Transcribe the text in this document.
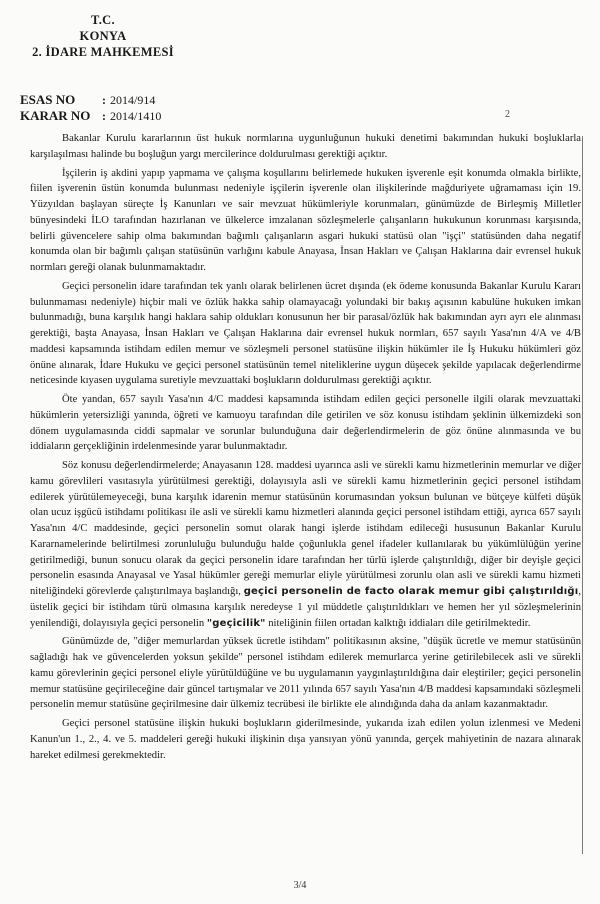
T.C.
KONYA
2. İDARE MAHKEMESİ
ESAS NO	: 2014/914
KARAR NO : 2014/1410	2

Bakanlar Kurulu kararlarının üst hukuk normlarına uygunluğunun hukuki denetimi bakımından hukuki boşluklarla karşılaşılması halinde bu boşluğun yargı mercilerince doldurulması gerektiği açıktır.

İşçilerin iş akdini yapıp yapmama ve çalışma koşullarını belirlemede hukuken işverenle eşit konumda olmakla birlikte, fiilen işverenin üstün konumda bulunması nedeniyle işçilerin işverenle olan ilişkilerinde mağduriyete uğramaması için 19. Yüzyıldan başlayan süreçte İş Kanunları ve sair mevzuat hükümleriyle korunmaları, günümüzde de Birleşmiş Milletler bünyesindeki İLO tarafından hazırlanan ve ülkelerce imzalanan sözleşmelerle çalışanların hukukunun korunması karşısında, belirli güvencelere sahip olma bakımından bağımlı çalışanların asgari hukuki statüsü olan "işçi" statüsünden daha negatif konumda olan bir bağımlı çalışan statüsünün varlığını kabule Anayasa, İnsan Hakları ve Çalışan Haklarına dair evrensel hukuk normları gereği olanak bulunmamaktadır.

Geçici personelin idare tarafından tek yanlı olarak belirlenen ücret dışında (ek ödeme konusunda Bakanlar Kurulu Kararı bulunmaması nedeniyle) hiçbir mali ve özlük hakka sahip olamayacağı yolundaki bir bakış açısının kabulüne hukuken imkan bulunmadığı, buna karşılık hangi haklara sahip oldukları konusunun her bir parasal/özlük hak bakımından ayrı ayrı ele alınması gerektiği, başta Anayasa, İnsan Hakları ve Çalışan Haklarına dair evrensel hukuk normları, 657 sayılı Yasa'nın 4/A ve 4/B maddesi kapsamında istihdam edilen memur ve sözleşmeli personel statüsüne ilişkin hükümler ile İş Hukuku hükümleri göz önüne alınarak, İdare Hukuku ve geçici personel statüsünün temel niteliklerine uygun düşecek şekilde yapılacak değerlendirme neticesinde kıyasen uygulama suretiyle mevzuattaki boşlukların doldurulması gerektiği açıktır.

Öte yandan, 657 sayılı Yasa'nın 4/C maddesi kapsamında istihdam edilen geçici personelle ilgili olarak mevzuattaki hükümlerin yetersizliği yanında, öğreti ve kamuoyu tarafından dile getirilen ve söz konusu istihdam şeklinin ülkemizdeki son dönem uygulamasında ciddi sapmalar ve sorunlar bulunduğuna dair değerlendirmelerin de göz önüne alınmasında ve bu iddiaların gerçekliğinin irdelenmesinde yarar bulunmaktadır.

Söz konusu değerlendirmelerde; Anayasanın 128. maddesi uyarınca asli ve sürekli kamu hizmetlerinin memurlar ve diğer kamu görevlileri vasıtasıyla yürütülmesi gerektiği, dolayısıyla asli ve sürekli kamu hizmetlerinin geçici personel istihdam edilerek yürütülemeyeceği, buna karşılık idarenin memur statüsünün korumasından yoksun bulunan ve bütçeye külfeti düşük olan ucuz işgücü istihdamı politikası ile asli ve sürekli kamu hizmetleri alanında geçici personel istihdam ettiği, ayrıca 657 sayılı Yasa'nın 4/C maddesinde, geçici personelin somut olarak hangi işlerde istihdam edileceği hususunun Bakanlar Kurulu Kararnamelerinde belirtilmesi zorunluluğu bulunduğu halde çoğunlukla genel ifadeler kullanılarak bu yükümlülüğün yerine getirilmediği, bunun sonucu olarak da geçici personelin idare tarafından her türlü işlerde çalıştırıldığı, diğer bir deyişle geçici personelin esasında Anayasal ve Yasal hükümler gereği memurlar eliyle yürütülmesi zorunlu olan asli ve sürekli kamu hizmeti niteliğindeki görevlerde çalıştırılmaya başlandığı, geçici personelin de facto olarak memur gibi çalıştırıldığı, üstelik geçici bir istihdam türü olmasına karşılık neredeyse 1 yıl müddetle çalıştırıldıkları ve hemen her yıl sözleşmelerinin yenilendiği, dolayısıyla geçici personelin "geçicilik" niteliğinin fiilen ortadan kalktığı iddiaları dile getirilmektedir.

Günümüzde de, "diğer memurlardan yüksek ücretle istihdam" politikasının aksine, "düşük ücretle ve memur statüsünün sağladığı hak ve güvencelerden yoksun şekilde" personel istihdam edilerek memurlarca yerine getirilebilecek asli ve sürekli kamu görevlerinin geçici personel eliyle yürütüldüğüne ve bu uygulamanın yaygınlaştırıldığına dair eleştiriler; geçici personelin memur statüsüne geçirileceğine dair güncel tartışmalar ve 2011 yılında 657 sayılı Yasa'nın 4/B maddesi kapsamındaki sözleşmeli personelin memur statüsüne geçirilmesine dair ülkemiz tecrübesi ile birlikte ele alındığında daha da anlam kazanmaktadır.

Geçici personel statüsüne ilişkin hukuki boşlukların giderilmesinde, yukarıda izah edilen yolun izlenmesi ve Medeni Kanun'un 1., 2., 4. ve 5. maddeleri gereği hukuki ilişkinin dışa yansıyan yönü yanında, gerçek mahiyetinin de nazara alınarak hareket edilmesi gerekmektedir.

3/4
